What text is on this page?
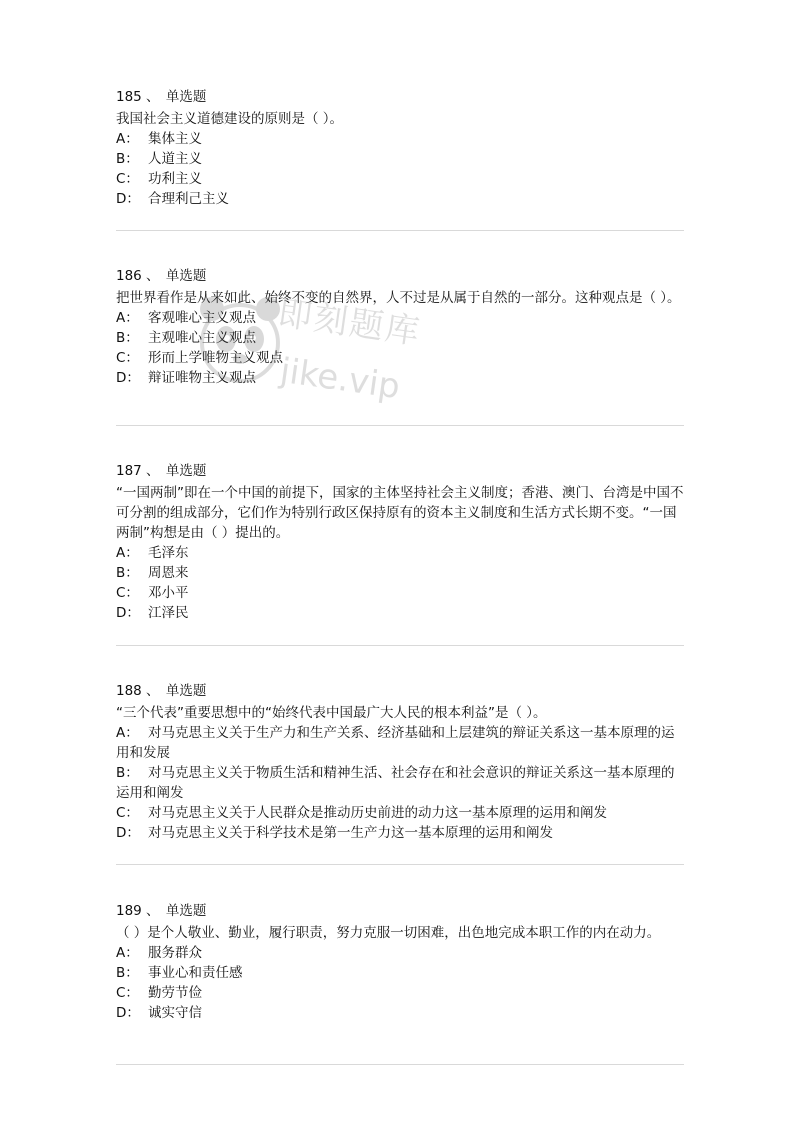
185 、 单选题
我国社会主义道德建设的原则是（ ）。
A： 集体主义
B： 人道主义
C： 功利主义
D： 合理利己主义
186 、 单选题
把世界看作是从来如此、始终不变的自然界，人不过是从属于自然的一部分。这种观点是（ ）。
A： 客观唯心主义观点
B： 主观唯心主义观点
C： 形而上学唯物主义观点
D： 辩证唯物主义观点
187 、 单选题
“一国两制”即在一个中国的前提下，国家的主体坚持社会主义制度；香港、澳门、台湾是中国不可分割的组成部分，它们作为特别行政区保持原有的资本主义制度和生活方式长期不变。“一国两制”构想是由（ ）提出的。
A： 毛泽东
B： 周恩来
C： 邓小平
D： 江泽民
188 、 单选题
“三个代表”重要思想中的“始终代表中国最广大人民的根本利益”是（ ）。
A： 对马克思主义关于生产力和生产关系、经济基础和上层建筑的辩证关系这一基本原理的运用和发展
B： 对马克思主义关于物质生活和精神生活、社会存在和社会意识的辩证关系这一基本原理的运用和阐发
C： 对马克思主义关于人民群众是推动历史前进的动力这一基本原理的运用和阐发
D： 对马克思主义关于科学技术是第一生产力这一基本原理的运用和阐发
189 、 单选题
（ ）是个人敬业、勤业，履行职责，努力克服一切困难，出色地完成本职工作的内在动力。
A： 服务群众
B： 事业心和责任感
C： 勤劳节俭
D： 诚实守信
即刻题库
jike.vip
